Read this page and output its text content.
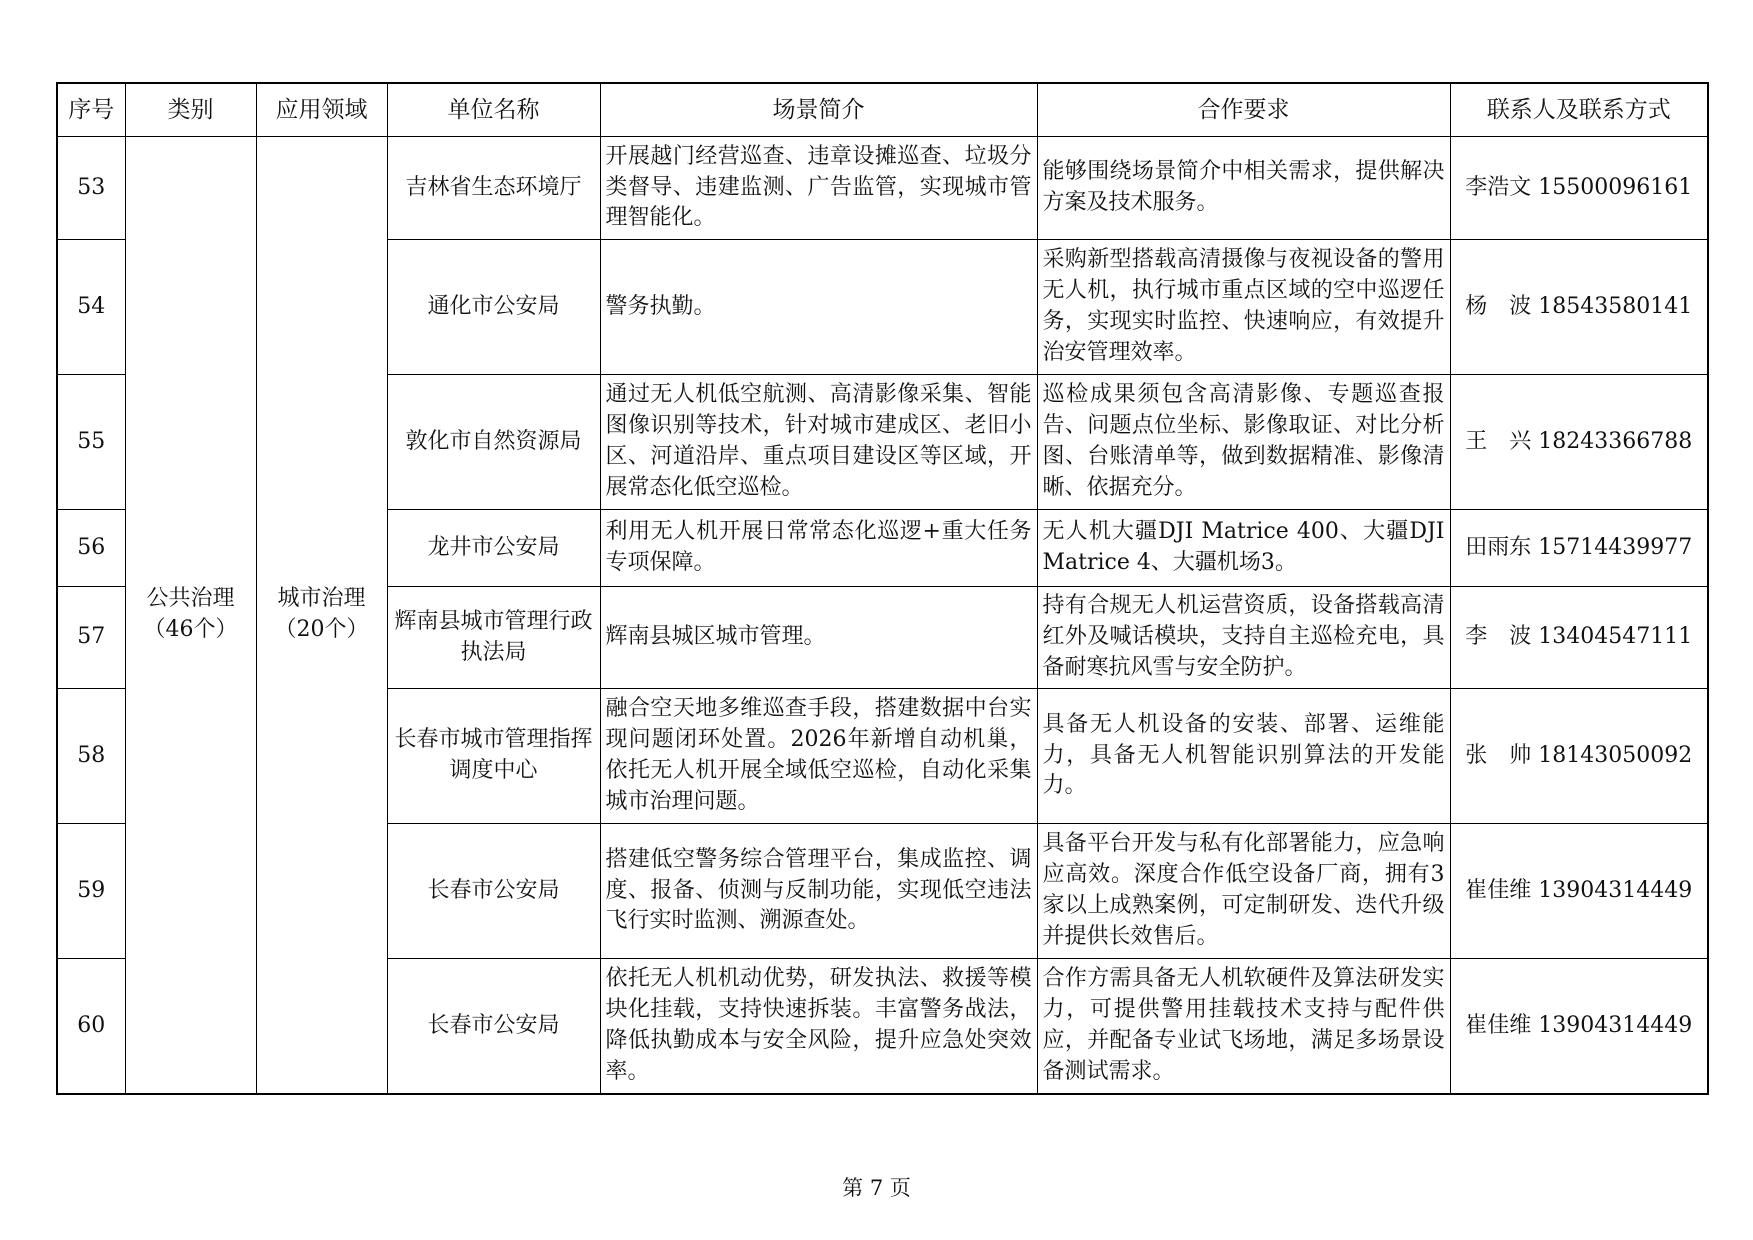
序号	类别	应用领域	单位名称	场景简介	合作要求	联系人及联系方式
53	公共治理（46个）	城市治理（20个）	吉林省生态环境厅	开展越门经营巡查、违章设摊巡查、垃圾分类督导、违建监测、广告监管，实现城市管理智能化。	能够围绕场景简介中相关需求，提供解决方案及技术服务。	李浩文 15500096161
54			通化市公安局	警务执勤。	采购新型搭载高清摄像与夜视设备的警用无人机，执行城市重点区域的空中巡逻任务，实现实时监控、快速响应，有效提升治安管理效率。	杨　波 18543580141
55			敦化市自然资源局	通过无人机低空航测、高清影像采集、智能图像识别等技术，针对城市建成区、老旧小区、河道沿岸、重点项目建设区等区域，开展常态化低空巡检。	巡检成果须包含高清影像、专题巡查报告、问题点位坐标、影像取证、对比分析图、台账清单等，做到数据精准、影像清晰、依据充分。	王　兴 18243366788
56			龙井市公安局	利用无人机开展日常常态化巡逻+重大任务专项保障。	无人机大疆DJI Matrice 400、大疆DJI Matrice 4、大疆机场3。	田雨东 15714439977
57			辉南县城市管理行政执法局	辉南县城区城市管理。	持有合规无人机运营资质，设备搭载高清红外及喊话模块，支持自主巡检充电，具备耐寒抗风雪与安全防护。	李　波 13404547111
58			长春市城市管理指挥调度中心	融合空天地多维巡查手段，搭建数据中台实现问题闭环处置。2026年新增自动机巢，依托无人机开展全域低空巡检，自动化采集城市治理问题。	具备无人机设备的安装、部署、运维能力，具备无人机智能识别算法的开发能力。	张　帅 18143050092
59			长春市公安局	搭建低空警务综合管理平台，集成监控、调度、报备、侦测与反制功能，实现低空违法飞行实时监测、溯源查处。	具备平台开发与私有化部署能力，应急响应高效。深度合作低空设备厂商，拥有3家以上成熟案例，可定制研发、迭代升级并提供长效售后。	崔佳维 13904314449
60			长春市公安局	依托无人机机动优势，研发执法、救援等模块化挂载，支持快速拆装。丰富警务战法，降低执勤成本与安全风险，提升应急处突效率。	合作方需具备无人机软硬件及算法研发实力，可提供警用挂载技术支持与配件供应，并配备专业试飞场地，满足多场景设备测试需求。	崔佳维 13904314449
第 7 页
